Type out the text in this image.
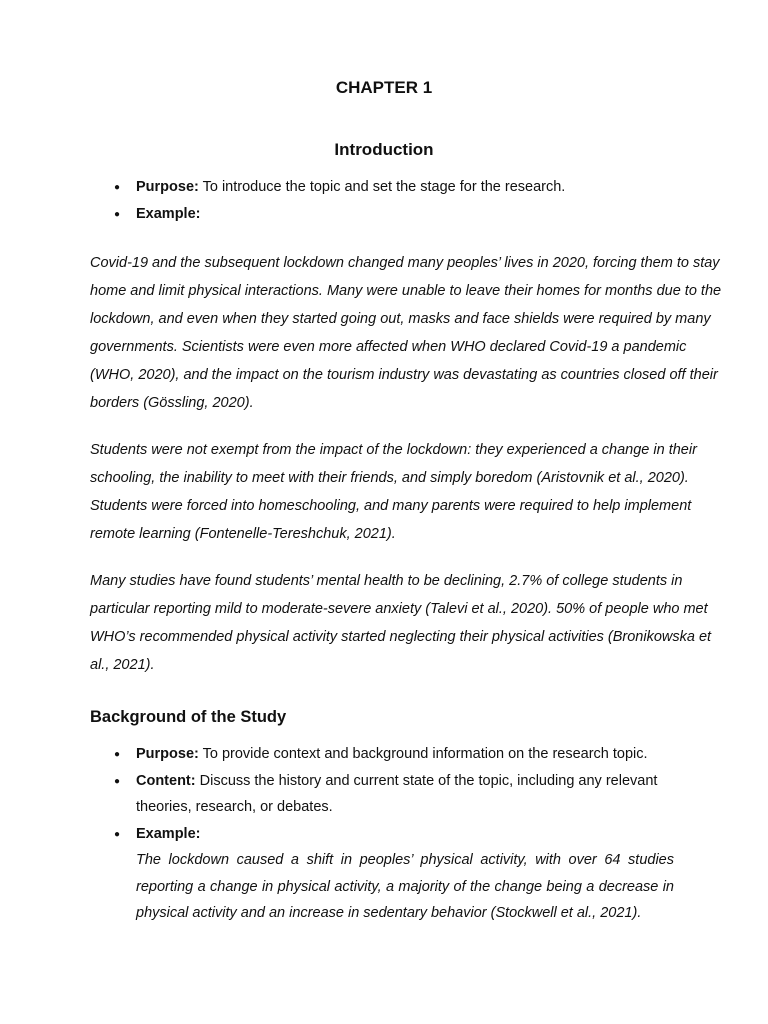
CHAPTER 1
Introduction
● Purpose: To introduce the topic and set the stage for the research.
● Example:

Covid-19 and the subsequent lockdown changed many peoples’ lives in 2020, forcing them to stay home and limit physical interactions. Many were unable to leave their homes for months due to the lockdown, and even when they started going out, masks and face shields were required by many governments. Scientists were even more affected when WHO declared Covid-19 a pandemic (WHO, 2020), and the impact on the tourism industry was devastating as countries closed off their borders (Gössling, 2020).

Students were not exempt from the impact of the lockdown: they experienced a change in their schooling, the inability to meet with their friends, and simply boredom (Aristovnik et al., 2020). Students were forced into homeschooling, and many parents were required to help implement remote learning (Fontenelle-Tereshchuk, 2021).

Many studies have found students’ mental health to be declining, 2.7% of college students in particular reporting mild to moderate-severe anxiety (Talevi et al., 2020). 50% of people who met WHO’s recommended physical activity started neglecting their physical activities (Bronikowska et al., 2021).

Background of the Study
● Purpose: To provide context and background information on the research topic.
● Content: Discuss the history and current state of the topic, including any relevant theories, research, or debates.
● Example:
The lockdown caused a shift in peoples’ physical activity, with over 64 studies reporting a change in physical activity, a majority of the change being a decrease in physical activity and an increase in sedentary behavior (Stockwell et al., 2021).
